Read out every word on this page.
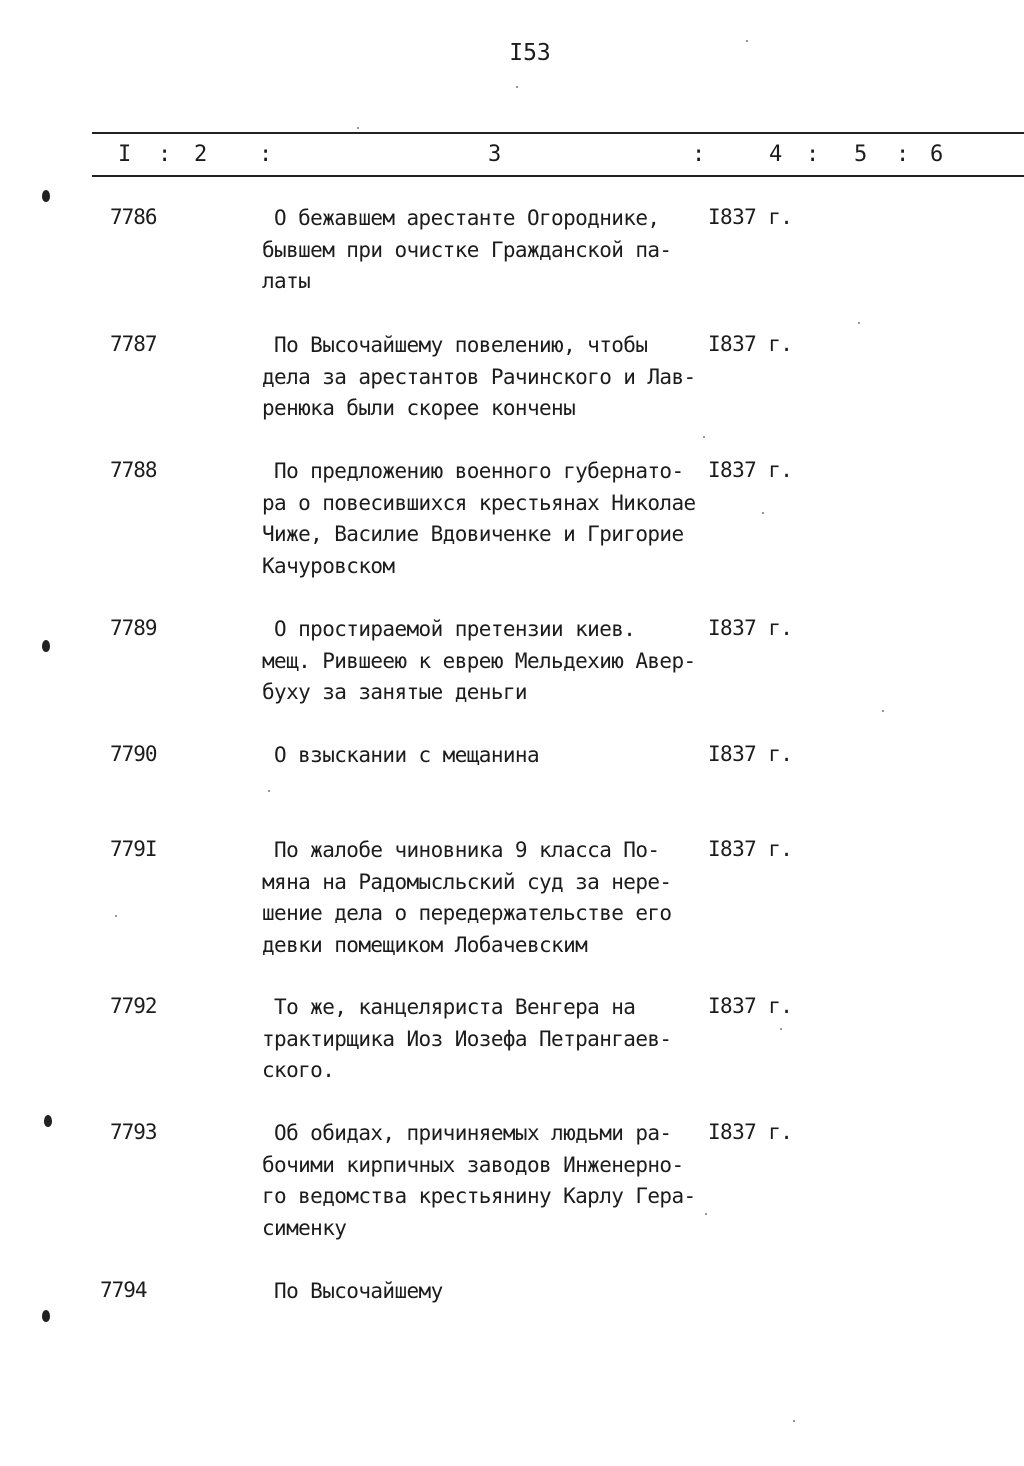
I53
I : 2 :	3	:	4 : 5 : 6
7786	О бежавшем арестанте Огороднике,
бывшем при очистке Гражданской па-
латы
I837 г.
7787	По Высочайшему повелению, чтобы
дела за арестантов Рачинского и Лав-
ренюка были скорее кончены
I837 г.
7788	По предложению военного губернато-
ра о повесившихся крестьянах Николае
Чиже, Василие Вдовиченке и Григорие
Качуровском
I837 г.
7789	О простираемой претензии киев.
мещ. Рившеею к еврею Мельдехию Авер-
буху за занятые деньги
I837 г.
7790	О взыскании с мещанина	I837 г.
779I	По жалобе чиновника 9 класса По-
мяна на Радомысльский суд за нере-
шение дела о передержательстве его
девки помещиком Лобачевским
I837 г.
7792	То же, канцеляриста Венгера на
трактирщика Иоз Иозефа Петрангаев-
ского.
I837 г.
7793	Об обидах, причиняемых людьми ра-
бочими кирпичных заводов Инженерно-
го ведомства крестьянину Карлу Гера-
сименку
I837 г.
7794	По Высочайшему
